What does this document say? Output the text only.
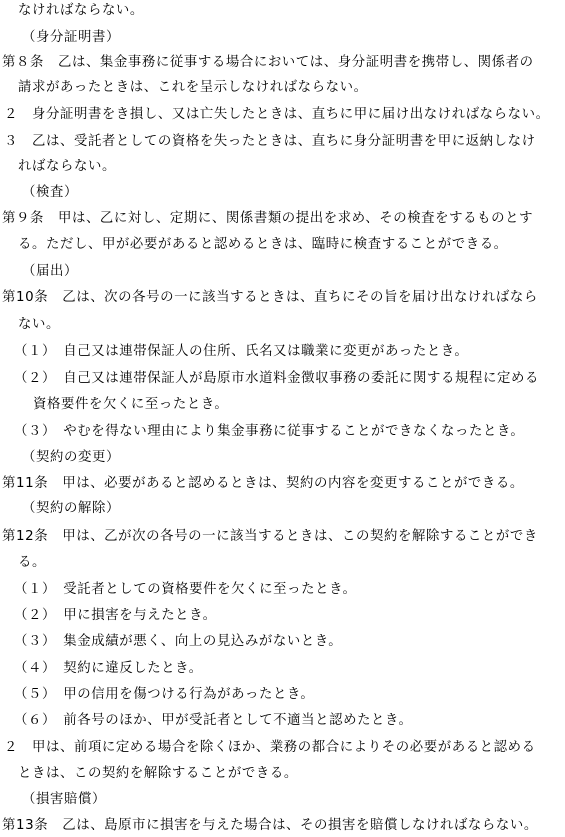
なければならない。
（身分証明書）
第８条　乙は、集金事務に従事する場合においては、身分証明書を携帯し、関係者の
請求があったときは、これを呈示しなければならない。
２　身分証明書をき損し、又は亡失したときは、直ちに甲に届け出なければならない。
３　乙は、受託者としての資格を失ったときは、直ちに身分証明書を甲に返納しなけ
ればならない。
（検査）
第９条　甲は、乙に対し、定期に、関係書類の提出を求め、その検査をするものとす
る。ただし、甲が必要があると認めるときは、臨時に検査することができる。
（届出）
第10条　乙は、次の各号の一に該当するときは、直ちにその旨を届け出なければなら
ない。
（１）　自己又は連帯保証人の住所、氏名又は職業に変更があったとき。
（２）　自己又は連帯保証人が島原市水道料金徴収事務の委託に関する規程に定める
資格要件を欠くに至ったとき。
（３）　やむを得ない理由により集金事務に従事することができなくなったとき。
（契約の変更）
第11条　甲は、必要があると認めるときは、契約の内容を変更することができる。
（契約の解除）
第12条　甲は、乙が次の各号の一に該当するときは、この契約を解除することができ
る。
（１）　受託者としての資格要件を欠くに至ったとき。
（２）　甲に損害を与えたとき。
（３）　集金成績が悪く、向上の見込みがないとき。
（４）　契約に違反したとき。
（５）　甲の信用を傷つける行為があったとき。
（６）　前各号のほか、甲が受託者として不適当と認めたとき。
２　甲は、前項に定める場合を除くほか、業務の都合によりその必要があると認める
ときは、この契約を解除することができる。
（損害賠償）
第13条　乙は、島原市に損害を与えた場合は、その損害を賠償しなければならない。
